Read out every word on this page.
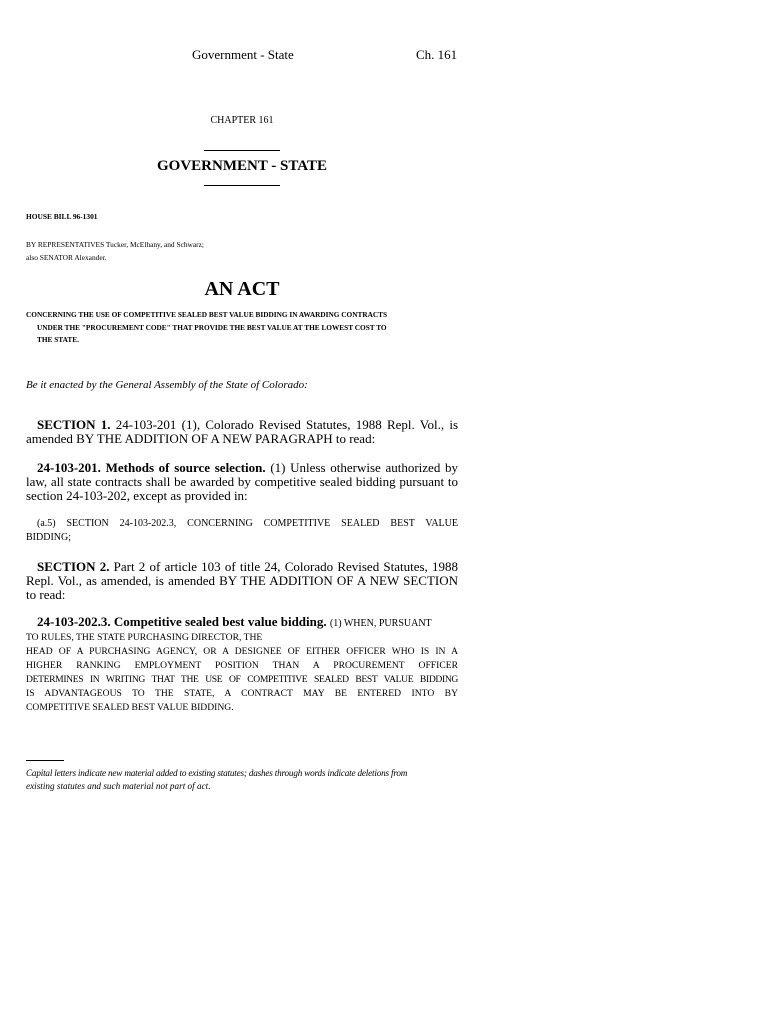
Government - State	Ch. 161
CHAPTER 161
GOVERNMENT - STATE
HOUSE BILL 96-1301
BY REPRESENTATIVES Tucker, McElhany, and Schwarz;
also SENATOR Alexander.
AN ACT
CONCERNING THE USE OF COMPETITIVE SEALED BEST VALUE BIDDING IN AWARDING CONTRACTS
UNDER THE "PROCUREMENT CODE" THAT PROVIDE THE BEST VALUE AT THE LOWEST COST TO
THE STATE.
Be it enacted by the General Assembly of the State of Colorado:
SECTION 1. 24-103-201 (1), Colorado Revised Statutes, 1988 Repl. Vol., is
amended BY THE ADDITION OF A NEW PARAGRAPH to read:
24-103-201. Methods of source selection. (1) Unless otherwise authorized by
law, all state contracts shall be awarded by competitive sealed bidding pursuant to
section 24-103-202, except as provided in:
(a.5) SECTION 24-103-202.3, CONCERNING COMPETITIVE SEALED BEST VALUE
BIDDING;
SECTION 2. Part 2 of article 103 of title 24, Colorado Revised Statutes, 1988
Repl. Vol., as amended, is amended BY THE ADDITION OF A NEW SECTION
to read:
24-103-202.3. Competitive sealed best value bidding. (1) WHEN, PURSUANT
TO RULES, THE STATE PURCHASING DIRECTOR, THE
HEAD OF A PURCHASING AGENCY, OR A DESIGNEE OF EITHER OFFICER WHO IS IN A
HIGHER RANKING EMPLOYMENT POSITION THAN A PROCUREMENT OFFICER
DETERMINES IN WRITING THAT THE USE OF COMPETITIVE SEALED BEST VALUE BIDDING
IS ADVANTAGEOUS TO THE STATE, A CONTRACT MAY BE ENTERED INTO BY
COMPETITIVE SEALED BEST VALUE BIDDING.
Capital letters indicate new material added to existing statutes; dashes through words indicate deletions from
existing statutes and such material not part of act.
